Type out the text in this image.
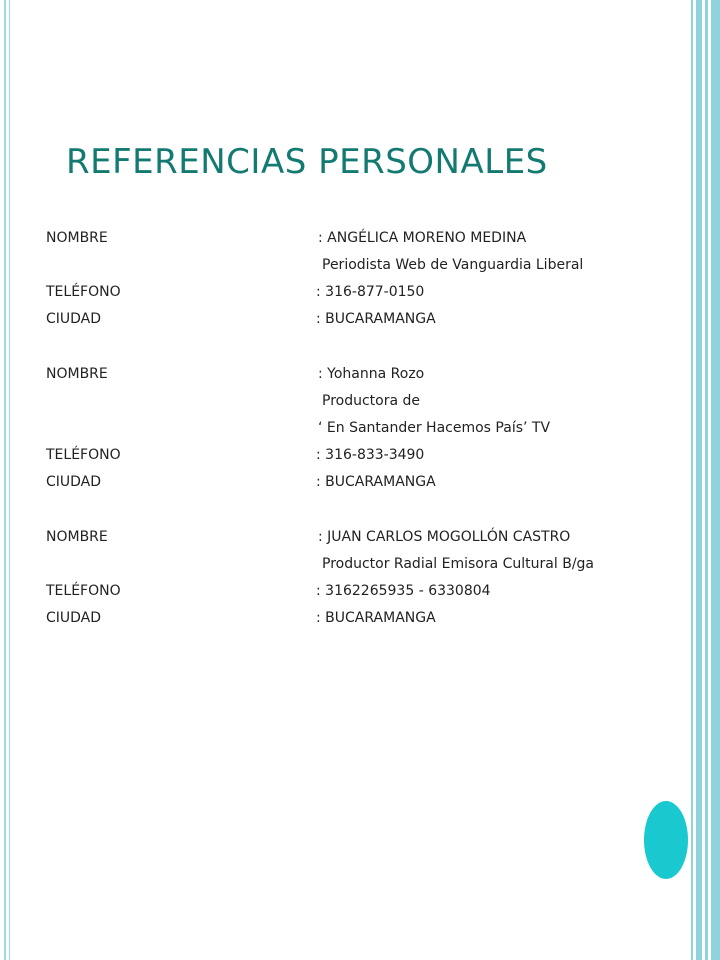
REFERENCIAS PERSONALES
NOMBRE	: ANGÉLICA MORENO MEDINA
Periodista Web de Vanguardia Liberal
TELÉFONO	: 316-877-0150
CIUDAD	: BUCARAMANGA
NOMBRE	: Yohanna Rozo
Productora de
‘ En Santander Hacemos País’ TV
TELÉFONO	: 316-833-3490
CIUDAD	: BUCARAMANGA
NOMBRE	: JUAN CARLOS MOGOLLÓN CASTRO
Productor Radial Emisora Cultural B/ga
TELÉFONO	: 3162265935 - 6330804
CIUDAD	: BUCARAMANGA
